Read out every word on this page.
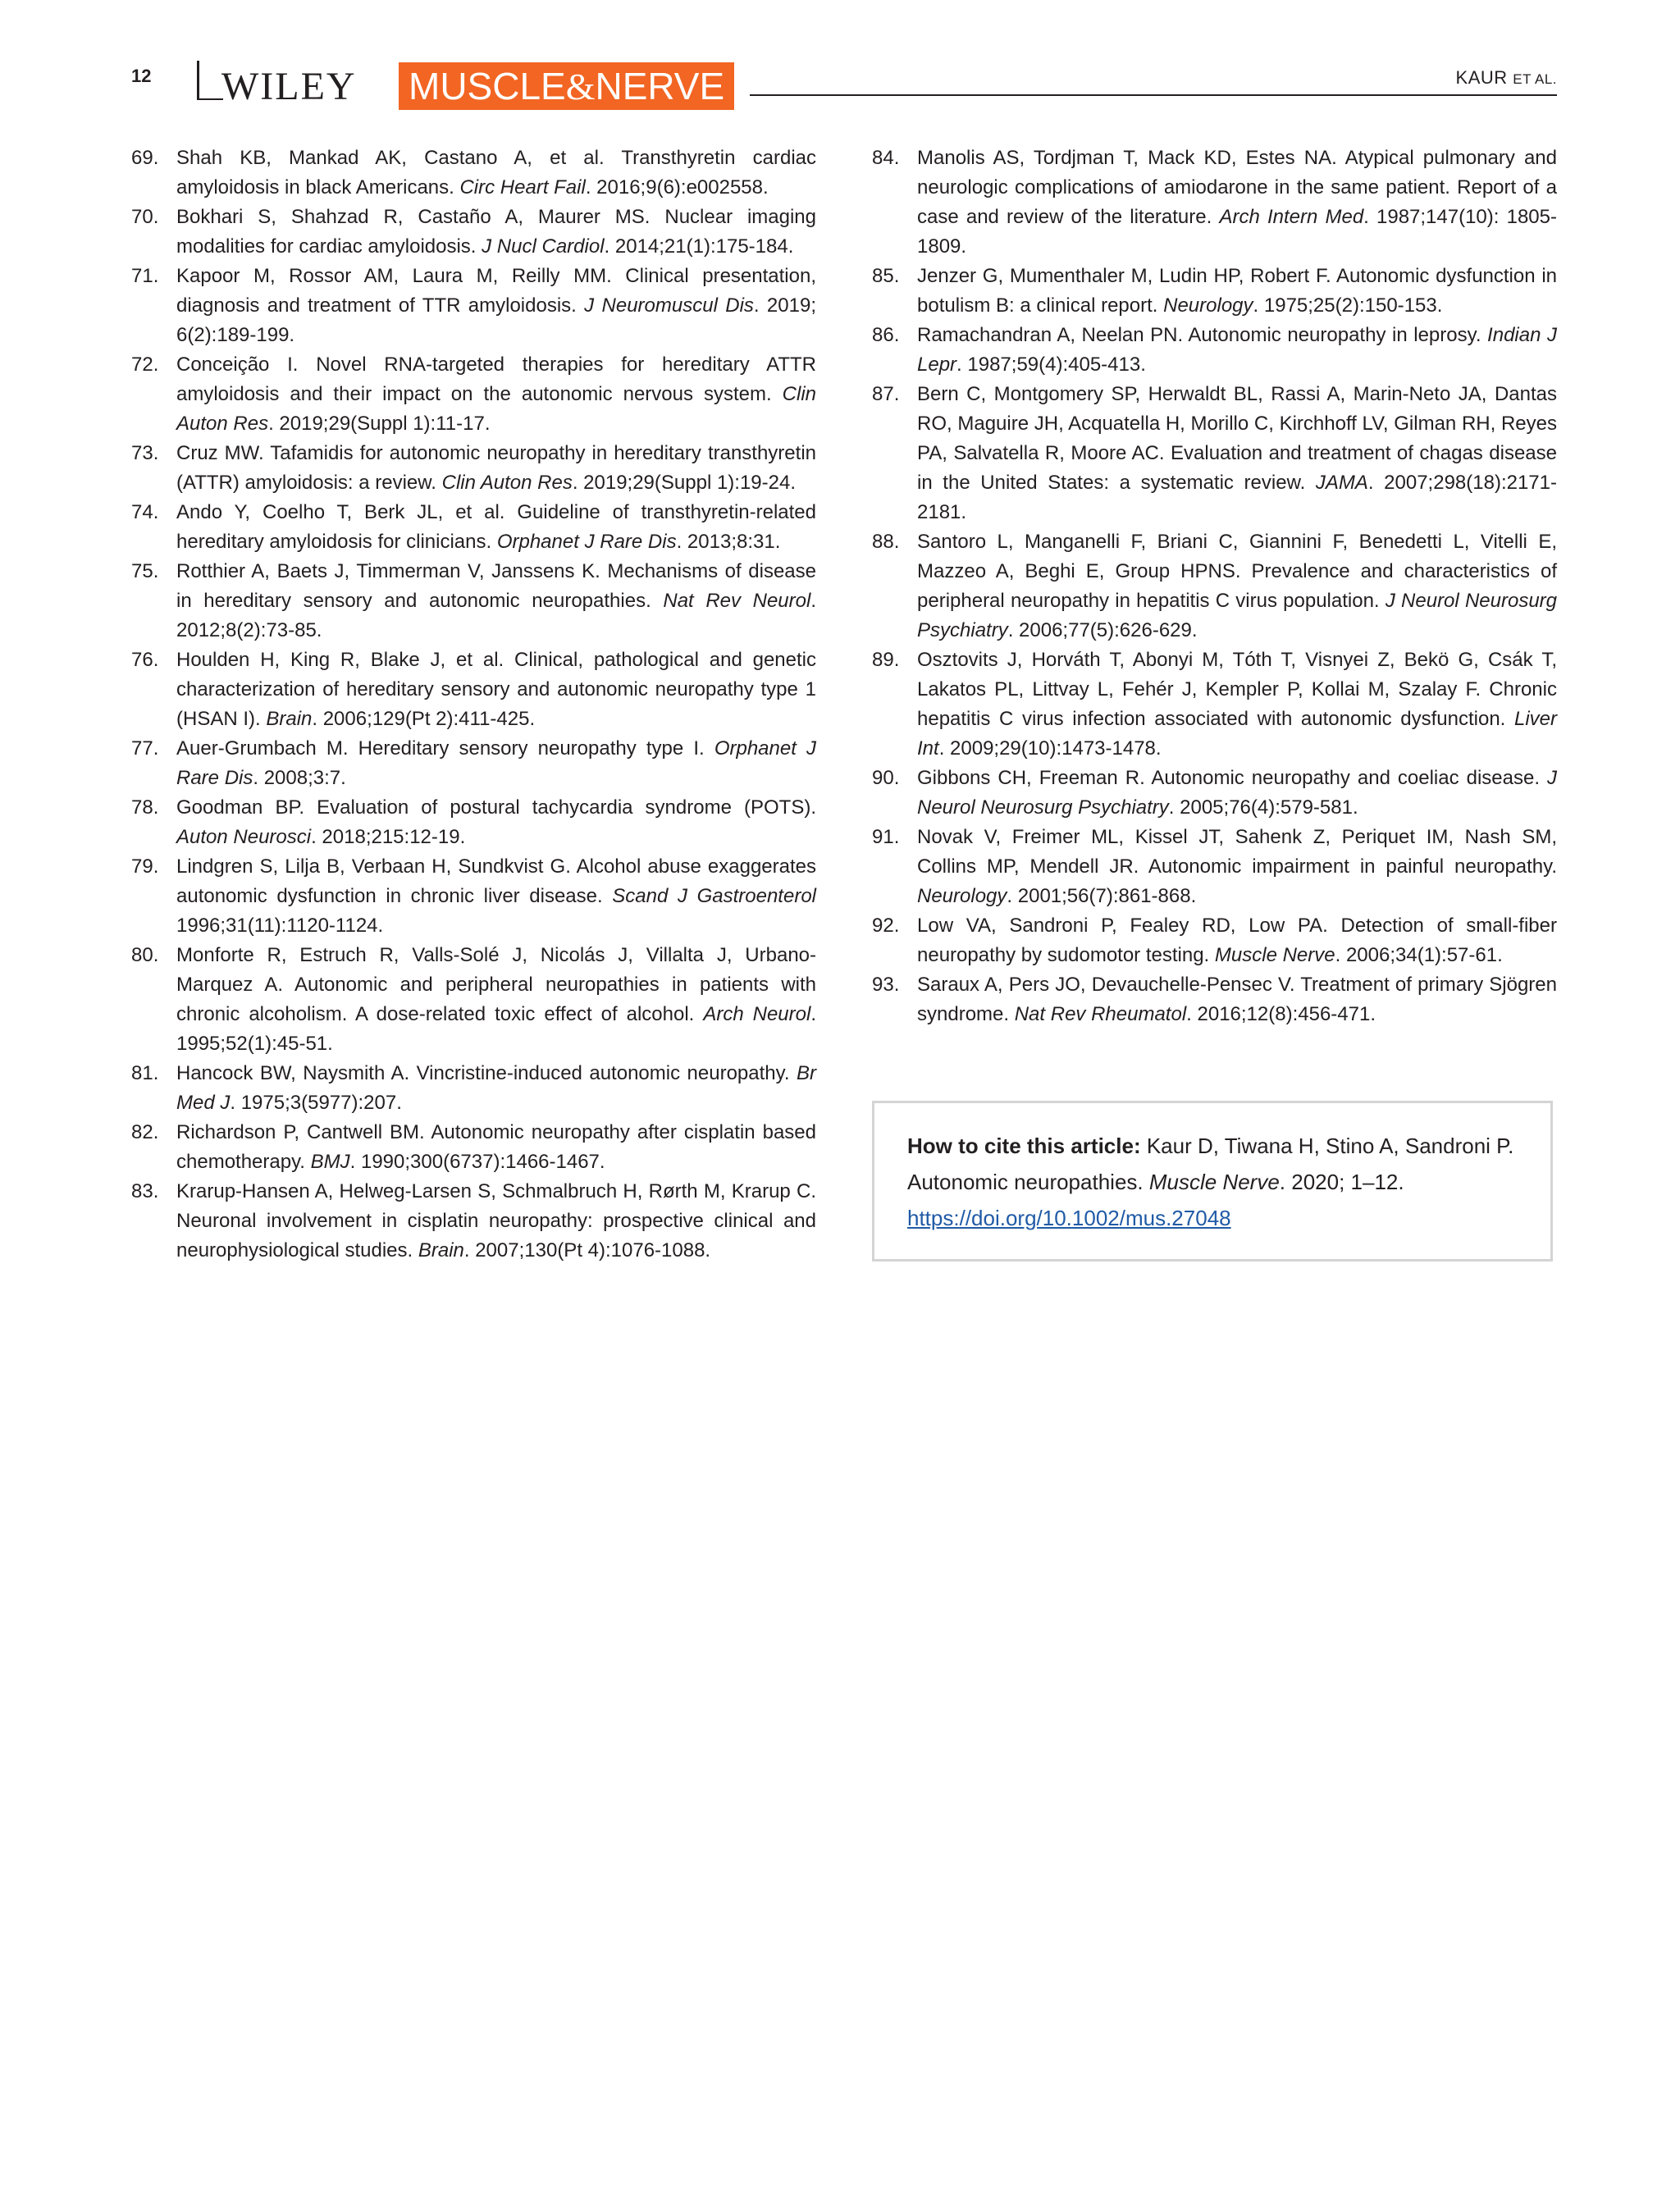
12 WILEY MUSCLE&NERVE	KAUR ET AL.
69. Shah KB, Mankad AK, Castano A, et al. Transthyretin cardiac amyloidosis in black Americans. Circ Heart Fail. 2016;9(6):e002558.
70. Bokhari S, Shahzad R, Castaño A, Maurer MS. Nuclear imaging modalities for cardiac amyloidosis. J Nucl Cardiol. 2014;21(1):175-184.
71. Kapoor M, Rossor AM, Laura M, Reilly MM. Clinical presentation, diagnosis and treatment of TTR amyloidosis. J Neuromuscul Dis. 2019; 6(2):189-199.
72. Conceição I. Novel RNA-targeted therapies for hereditary ATTR amyloidosis and their impact on the autonomic nervous system. Clin Auton Res. 2019;29(Suppl 1):11-17.
73. Cruz MW. Tafamidis for autonomic neuropathy in hereditary transthyretin (ATTR) amyloidosis: a review. Clin Auton Res. 2019;29(Suppl 1):19-24.
74. Ando Y, Coelho T, Berk JL, et al. Guideline of transthyretin-related hereditary amyloidosis for clinicians. Orphanet J Rare Dis. 2013;8:31.
75. Rotthier A, Baets J, Timmerman V, Janssens K. Mechanisms of disease in hereditary sensory and autonomic neuropathies. Nat Rev Neurol. 2012;8(2):73-85.
76. Houlden H, King R, Blake J, et al. Clinical, pathological and genetic characterization of hereditary sensory and autonomic neuropathy type 1 (HSAN I). Brain. 2006;129(Pt 2):411-425.
77. Auer-Grumbach M. Hereditary sensory neuropathy type I. Orphanet J Rare Dis. 2008;3:7.
78. Goodman BP. Evaluation of postural tachycardia syndrome (POTS). Auton Neurosci. 2018;215:12-19.
79. Lindgren S, Lilja B, Verbaan H, Sundkvist G. Alcohol abuse exaggerates autonomic dysfunction in chronic liver disease. Scand J Gastroenterol 1996;31(11):1120-1124.
80. Monforte R, Estruch R, Valls-Solé J, Nicolás J, Villalta J, Urbano-Marquez A. Autonomic and peripheral neuropathies in patients with chronic alcoholism. A dose-related toxic effect of alcohol. Arch Neurol. 1995;52(1):45-51.
81. Hancock BW, Naysmith A. Vincristine-induced autonomic neuropathy. Br Med J. 1975;3(5977):207.
82. Richardson P, Cantwell BM. Autonomic neuropathy after cisplatin based chemotherapy. BMJ. 1990;300(6737):1466-1467.
83. Krarup-Hansen A, Helweg-Larsen S, Schmalbruch H, Rørth M, Krarup C. Neuronal involvement in cisplatin neuropathy: prospective clinical and neurophysiological studies. Brain. 2007;130(Pt 4):1076-1088.
84. Manolis AS, Tordjman T, Mack KD, Estes NA. Atypical pulmonary and neurologic complications of amiodarone in the same patient. Report of a case and review of the literature. Arch Intern Med. 1987;147(10): 1805-1809.
85. Jenzer G, Mumenthaler M, Ludin HP, Robert F. Autonomic dysfunction in botulism B: a clinical report. Neurology. 1975;25(2):150-153.
86. Ramachandran A, Neelan PN. Autonomic neuropathy in leprosy. Indian J Lepr. 1987;59(4):405-413.
87. Bern C, Montgomery SP, Herwaldt BL, Rassi A, Marin-Neto JA, Dantas RO, Maguire JH, Acquatella H, Morillo C, Kirchhoff LV, Gilman RH, Reyes PA, Salvatella R, Moore AC. Evaluation and treatment of chagas disease in the United States: a systematic review. JAMA. 2007;298(18):2171-2181.
88. Santoro L, Manganelli F, Briani C, Giannini F, Benedetti L, Vitelli E, Mazzeo A, Beghi E, Group HPNS. Prevalence and characteristics of peripheral neuropathy in hepatitis C virus population. J Neurol Neurosurg Psychiatry. 2006;77(5):626-629.
89. Osztovits J, Horváth T, Abonyi M, Tóth T, Visnyei Z, Bekö G, Csák T, Lakatos PL, Littvay L, Fehér J, Kempler P, Kollai M, Szalay F. Chronic hepatitis C virus infection associated with autonomic dysfunction. Liver Int. 2009;29(10):1473-1478.
90. Gibbons CH, Freeman R. Autonomic neuropathy and coeliac disease. J Neurol Neurosurg Psychiatry. 2005;76(4):579-581.
91. Novak V, Freimer ML, Kissel JT, Sahenk Z, Periquet IM, Nash SM, Collins MP, Mendell JR. Autonomic impairment in painful neuropathy. Neurology. 2001;56(7):861-868.
92. Low VA, Sandroni P, Fealey RD, Low PA. Detection of small-fiber neuropathy by sudomotor testing. Muscle Nerve. 2006;34(1):57-61.
93. Saraux A, Pers JO, Devauchelle-Pensec V. Treatment of primary Sjögren syndrome. Nat Rev Rheumatol. 2016;12(8):456-471.
How to cite this article: Kaur D, Tiwana H, Stino A, Sandroni P. Autonomic neuropathies. Muscle Nerve. 2020; 1–12. https://doi.org/10.1002/mus.27048
